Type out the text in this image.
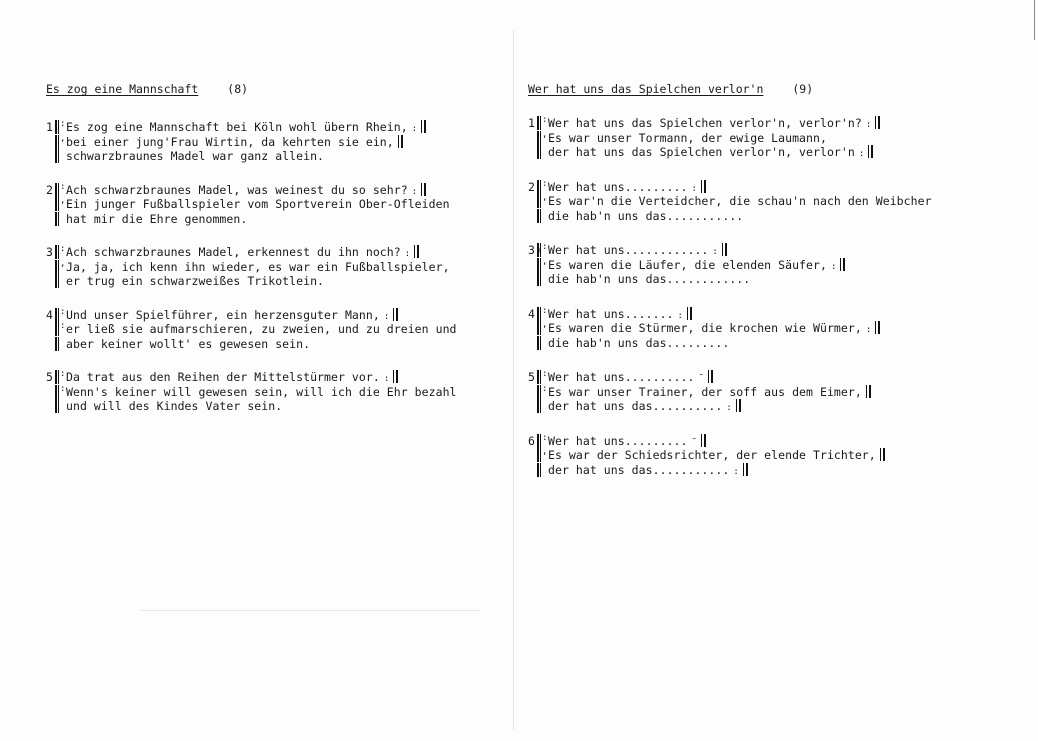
Es zog eine Mannschaft	(8)
1 : Es zog eine Mannschaft bei Köln wohl übern Rhein, :
, bei einer jung'Frau Wirtin, da kehrten sie ein,
˙ schwarzbraunes Madel war ganz allein.
2 : Ach schwarzbraunes Madel, was weinest du so sehr? :
, Ein junger Fußballspieler vom Sportverein Ober-Ofleiden
˙ hat mir die Ehre genommen.
3 : Ach schwarzbraunes Madel, erkennest du ihn noch? :
, Ja, ja, ich kenn ihn wieder, es war ein Fußballspieler,
˙ er trug ein schwarzweißes Trikotlein.
4 : Und unser Spielführer, ein herzensguter Mann, :
: er ließ sie aufmarschieren, zu zweien, und zu dreien und
˙ aber keiner wollt' es gewesen sein.
5 : Da trat aus den Reihen der Mittelstürmer vor. :
: Wenn's keiner will gewesen sein, will ich die Ehr bezahl
˙ und will des Kindes Vater sein.
Wer hat uns das Spielchen verlor'n	(9)
1 : Wer hat uns das Spielchen verlor'n, verlor'n? :
, Es war unser Tormann, der ewige Laumann,
˙ der hat uns das Spielchen verlor'n, verlor'n :
2 : Wer hat uns......... :
, Es war'n die Verteidcher, die schau'n nach den Weibcher
˙ die hab'n uns das...........
3) : Wer hat uns............ :
, Es waren die Läufer, die elenden Säufer, :
˙ die hab'n uns das............
4 : Wer hat uns....... :
, Es waren die Stürmer, die krochen wie Würmer, :
˙ die hab'n uns das.........
5 : Wer hat uns.......... ˜
: Es war unser Trainer, der soff aus dem Eimer,
˙ der hat uns das.......... :
6 : Wer hat uns......... ˜
, Es war der Schiedsrichter, der elende Trichter,
˙ der hat uns das........... :
